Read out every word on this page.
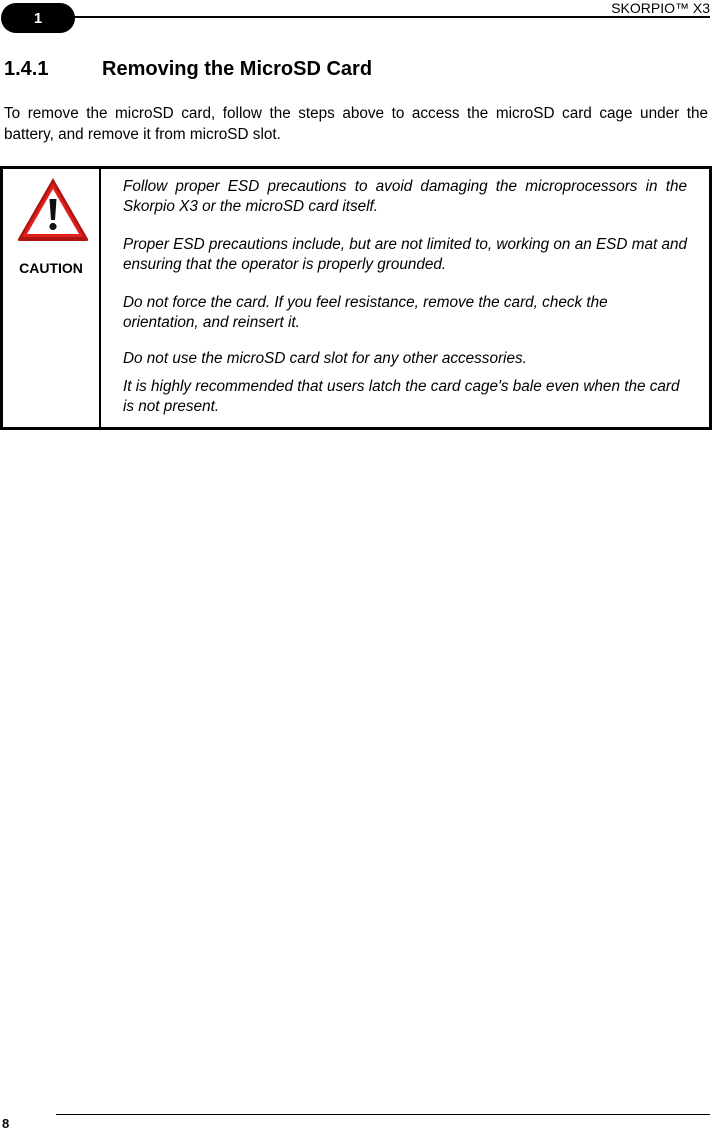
1
SKORPIO™ X3
1.4.1	Removing the MicroSD Card

To remove the microSD card, follow the steps above to access the microSD card cage under the battery, and remove it from microSD slot.

CAUTION

Follow proper ESD precautions to avoid damaging the microprocessors in the Skorpio X3 or the microSD card itself.

Proper ESD precautions include, but are not limited to, working on an ESD mat and ensuring that the operator is properly grounded.

Do not force the card. If you feel resistance, remove the card, check the orientation, and reinsert it.

Do not use the microSD card slot for any other accessories.

It is highly recommended that users latch the card cage's bale even when the card is not present.

8
